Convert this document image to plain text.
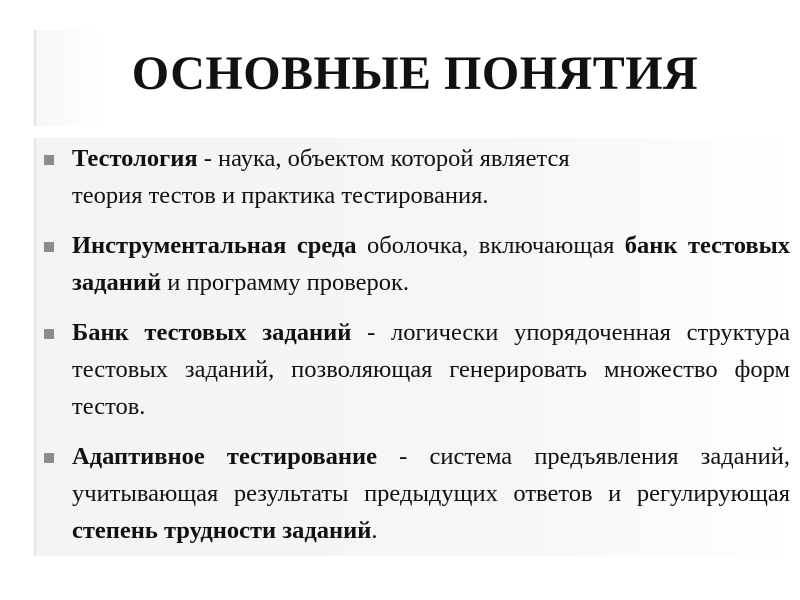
ОСНОВНЫЕ ПОНЯТИЯ
Тестология - наука, объектом которой является
теория тестов и практика тестирования.
Инструментальная среда оболочка, включающая банк тестовых заданий и программу проверок.
Банк тестовых заданий - логически упорядоченная структура тестовых заданий, позволяющая генерировать множество форм тестов.
Адаптивное тестирование - система предъявления заданий, учитывающая результаты предыдущих ответов и регулирующая степень трудности заданий.
